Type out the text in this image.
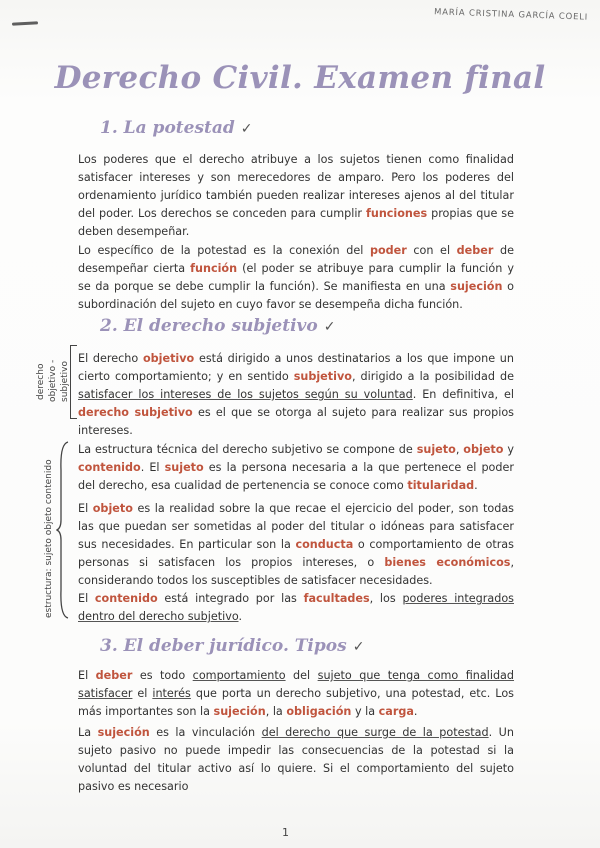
MARÍA CRISTINA GARCÍA COELI
Derecho Civil. Examen final
1. La potestad ✓

Los poderes que el derecho atribuye a los sujetos tienen como finalidad satisfacer intereses y son merecedores de amparo. Pero los poderes del ordenamiento jurídico también pueden realizar intereses ajenos al del titular del poder. Los derechos se conceden para cumplir funciones propias que se deben desempeñar.

Lo específico de la potestad es la conexión del poder con el deber de desempeñar cierta función (el poder se atribuye para cumplir la función y se da porque se debe cumplir la función). Se manifiesta en una sujeción o subordinación del sujeto en cuyo favor se desempeña dicha función.

2. El derecho subjetivo ✓
derecho objetivo - subjetivo

El derecho objetivo está dirigido a unos destinatarios a los que impone un cierto comportamiento; y en sentido subjetivo, dirigido a la posibilidad de satisfacer los intereses de los sujetos según su voluntad. En definitiva, el derecho subjetivo es el que se otorga al sujeto para realizar sus propios intereses.

estructura: sujeto objeto contenido

La estructura técnica del derecho subjetivo se compone de sujeto, objeto y contenido. El sujeto es la persona necesaria a la que pertenece el poder del derecho, esa cualidad de pertenencia se conoce como titularidad.

El objeto es la realidad sobre la que recae el ejercicio del poder, son todas las que puedan ser sometidas al poder del titular o idóneas para satisfacer sus necesidades. En particular son la conducta o comportamiento de otras personas si satisfacen los propios intereses, o bienes económicos, considerando todos los susceptibles de satisfacer necesidades.

El contenido está integrado por las facultades, los poderes integrados dentro del derecho subjetivo.

3. El deber jurídico. Tipos ✓

El deber es todo comportamiento del sujeto que tenga como finalidad satisfacer el interés que porta un derecho subjetivo, una potestad, etc. Los más importantes son la sujeción, la obligación y la carga.

La sujeción es la vinculación del derecho que surge de la potestad. Un sujeto pasivo no puede impedir las consecuencias de la potestad si la voluntad del titular activo así lo quiere. Si el comportamiento del sujeto pasivo es necesario

1
